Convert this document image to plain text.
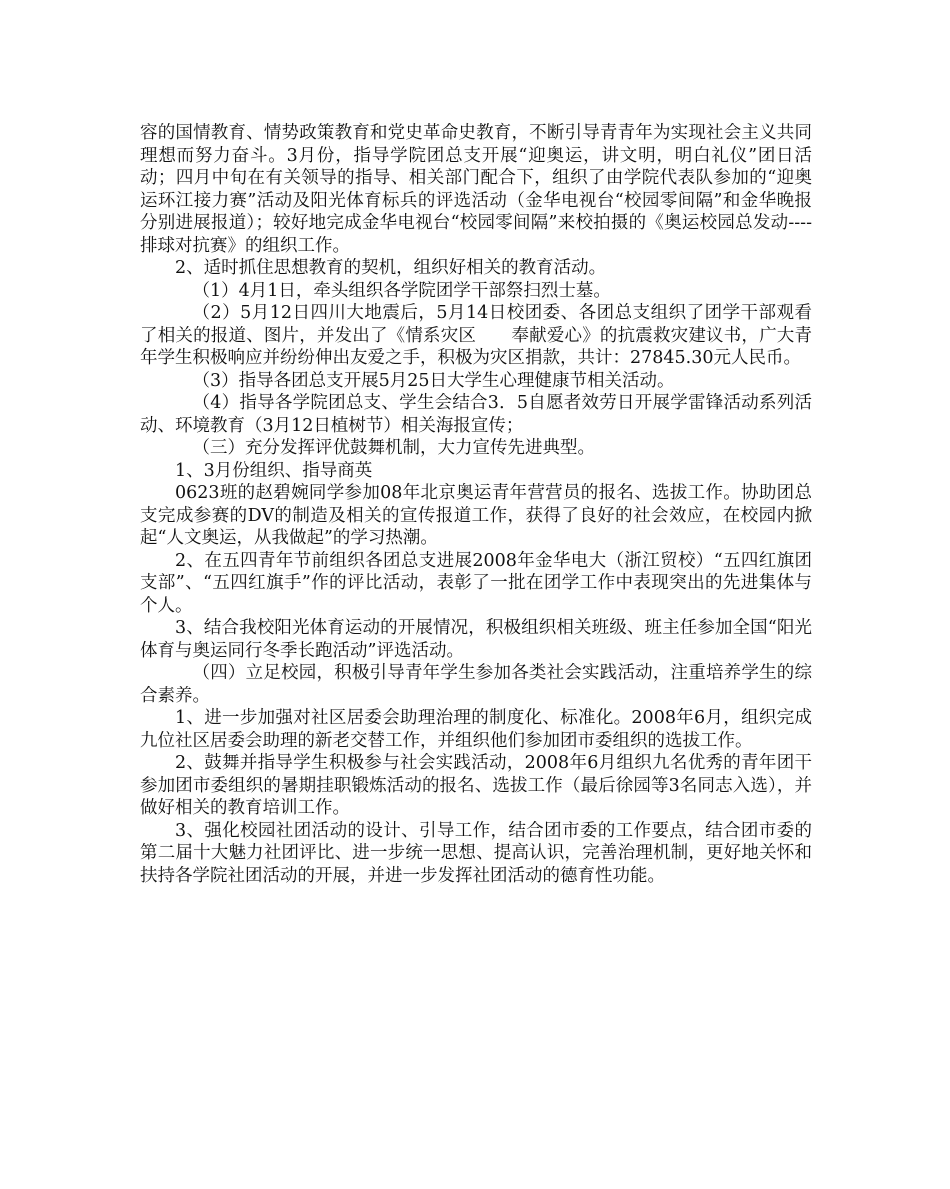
容的国情教育、情势政策教育和党史革命史教育，不断引导青青年为实现社会主义共同理想而努力奋斗。3月份，指导学院团总支开展“迎奥运，讲文明，明白礼仪”团日活动；四月中旬在有关领导的指导、相关部门配合下，组织了由学院代表队参加的“迎奥运环江接力赛”活动及阳光体育标兵的评选活动（金华电视台“校园零间隔”和金华晚报分别进展报道）；较好地完成金华电视台“校园零间隔”来校拍摄的《奥运校园总发动----排球对抗赛》的组织工作。

2、适时抓住思想教育的契机，组织好相关的教育活动。

（1）4月1日，牵头组织各学院团学干部祭扫烈士墓。

（2）5月12日四川大地震后，5月14日校团委、各团总支组织了团学干部观看了相关的报道、图片，并发出了《情系灾区　　奉献爱心》的抗震救灾建议书，广大青年学生积极响应并纷纷伸出友爱之手，积极为灾区捐款，共计：27845.30元人民币。

（3）指导各团总支开展5月25日大学生心理健康节相关活动。

（4）指导各学院团总支、学生会结合3．5自愿者效劳日开展学雷锋活动系列活动、环境教育（3月12日植树节）相关海报宣传；

（三）充分发挥评优鼓舞机制，大力宣传先进典型。

1、3月份组织、指导商英

0623班的赵碧婉同学参加08年北京奥运青年营营员的报名、选拔工作。协助团总支完成参赛的DV的制造及相关的宣传报道工作，获得了良好的社会效应，在校园内掀起“人文奥运，从我做起”的学习热潮。

2、在五四青年节前组织各团总支进展2008年金华电大（浙江贸校）“五四红旗团支部”、“五四红旗手”作的评比活动，表彰了一批在团学工作中表现突出的先进集体与个人。

3、结合我校阳光体育运动的开展情况，积极组织相关班级、班主任参加全国“阳光体育与奥运同行冬季长跑活动”评选活动。

（四）立足校园，积极引导青年学生参加各类社会实践活动，注重培养学生的综合素养。

1、进一步加强对社区居委会助理治理的制度化、标准化。2008年6月，组织完成九位社区居委会助理的新老交替工作，并组织他们参加团市委组织的选拔工作。

2、鼓舞并指导学生积极参与社会实践活动，2008年6月组织九名优秀的青年团干参加团市委组织的暑期挂职锻炼活动的报名、选拔工作（最后徐园等3名同志入选），并做好相关的教育培训工作。

3、强化校园社团活动的设计、引导工作，结合团市委的工作要点，结合团市委的第二届十大魅力社团评比、进一步统一思想、提高认识，完善治理机制，更好地关怀和扶持各学院社团活动的开展，并进一步发挥社团活动的德育性功能。
